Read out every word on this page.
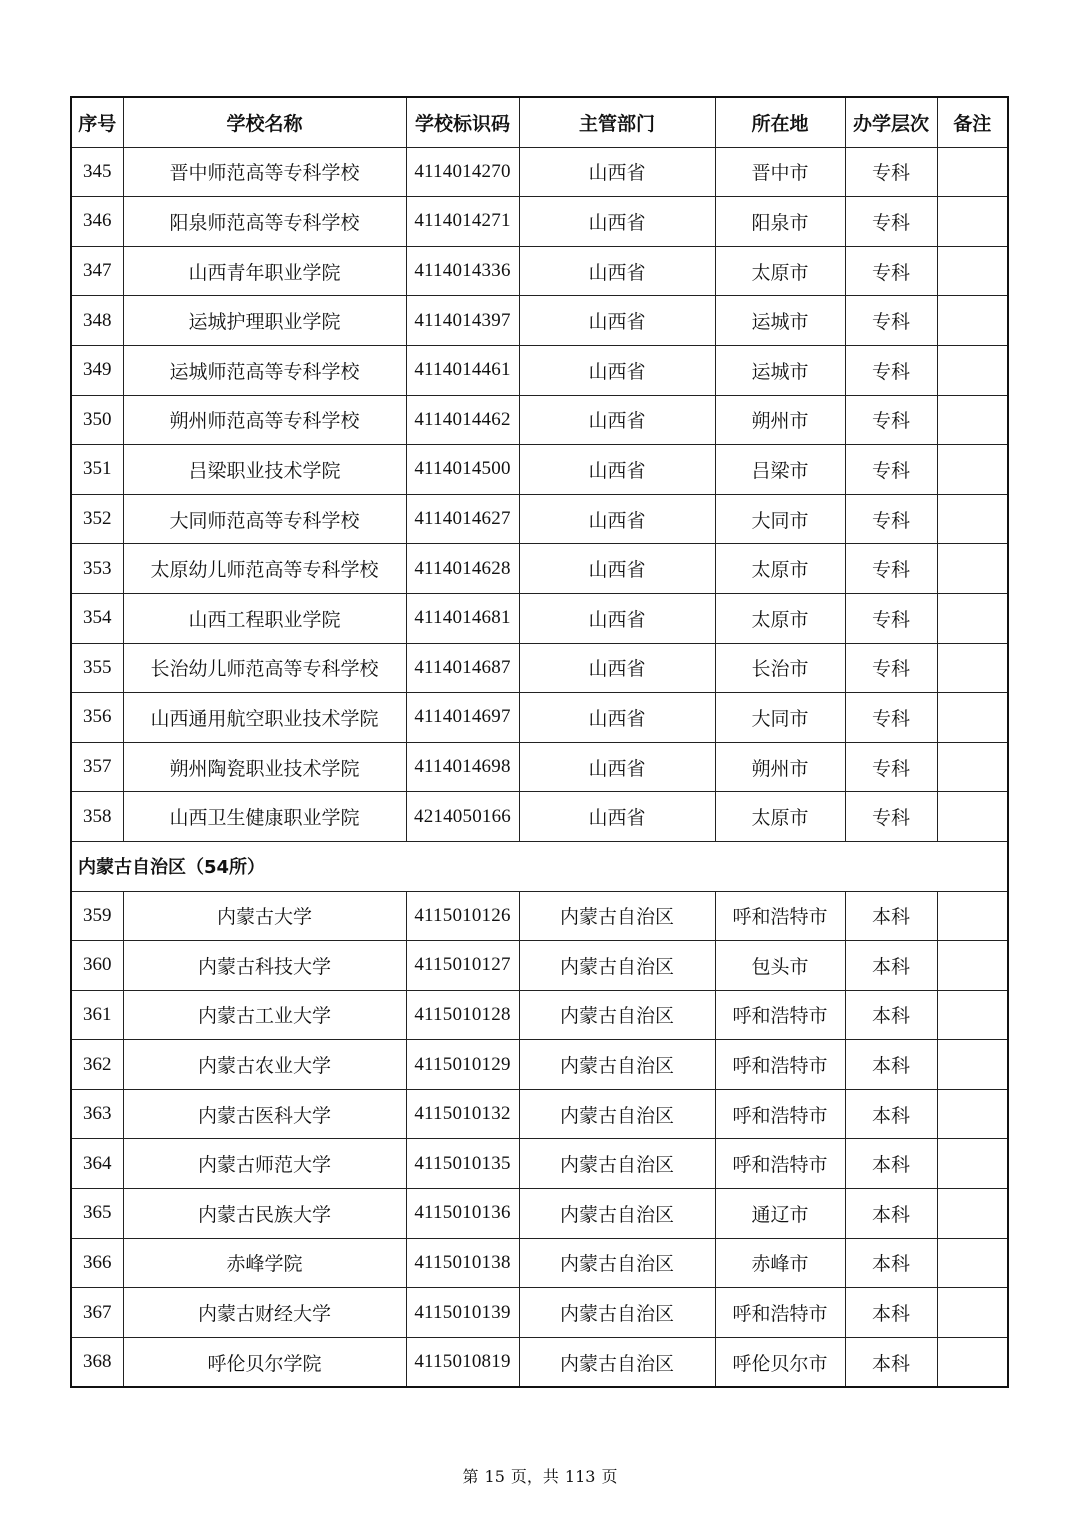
序号	学校名称	学校标识码	主管部门	所在地	办学层次	备注
345	晋中师范高等专科学校	4114014270	山西省	晋中市	专科	
346	阳泉师范高等专科学校	4114014271	山西省	阳泉市	专科	
347	山西青年职业学院	4114014336	山西省	太原市	专科	
348	运城护理职业学院	4114014397	山西省	运城市	专科	
349	运城师范高等专科学校	4114014461	山西省	运城市	专科	
350	朔州师范高等专科学校	4114014462	山西省	朔州市	专科	
351	吕梁职业技术学院	4114014500	山西省	吕梁市	专科	
352	大同师范高等专科学校	4114014627	山西省	大同市	专科	
353	太原幼儿师范高等专科学校	4114014628	山西省	太原市	专科	
354	山西工程职业学院	4114014681	山西省	太原市	专科	
355	长治幼儿师范高等专科学校	4114014687	山西省	长治市	专科	
356	山西通用航空职业技术学院	4114014697	山西省	大同市	专科	
357	朔州陶瓷职业技术学院	4114014698	山西省	朔州市	专科	
358	山西卫生健康职业学院	4214050166	山西省	太原市	专科	
内蒙古自治区（54所）						
359	内蒙古大学	4115010126	内蒙古自治区	呼和浩特市	本科	
360	内蒙古科技大学	4115010127	内蒙古自治区	包头市	本科	
361	内蒙古工业大学	4115010128	内蒙古自治区	呼和浩特市	本科	
362	内蒙古农业大学	4115010129	内蒙古自治区	呼和浩特市	本科	
363	内蒙古医科大学	4115010132	内蒙古自治区	呼和浩特市	本科	
364	内蒙古师范大学	4115010135	内蒙古自治区	呼和浩特市	本科	
365	内蒙古民族大学	4115010136	内蒙古自治区	通辽市	本科	
366	赤峰学院	4115010138	内蒙古自治区	赤峰市	本科	
367	内蒙古财经大学	4115010139	内蒙古自治区	呼和浩特市	本科	
368	呼伦贝尔学院	4115010819	内蒙古自治区	呼伦贝尔市	本科	
第 15 页，共 113 页
